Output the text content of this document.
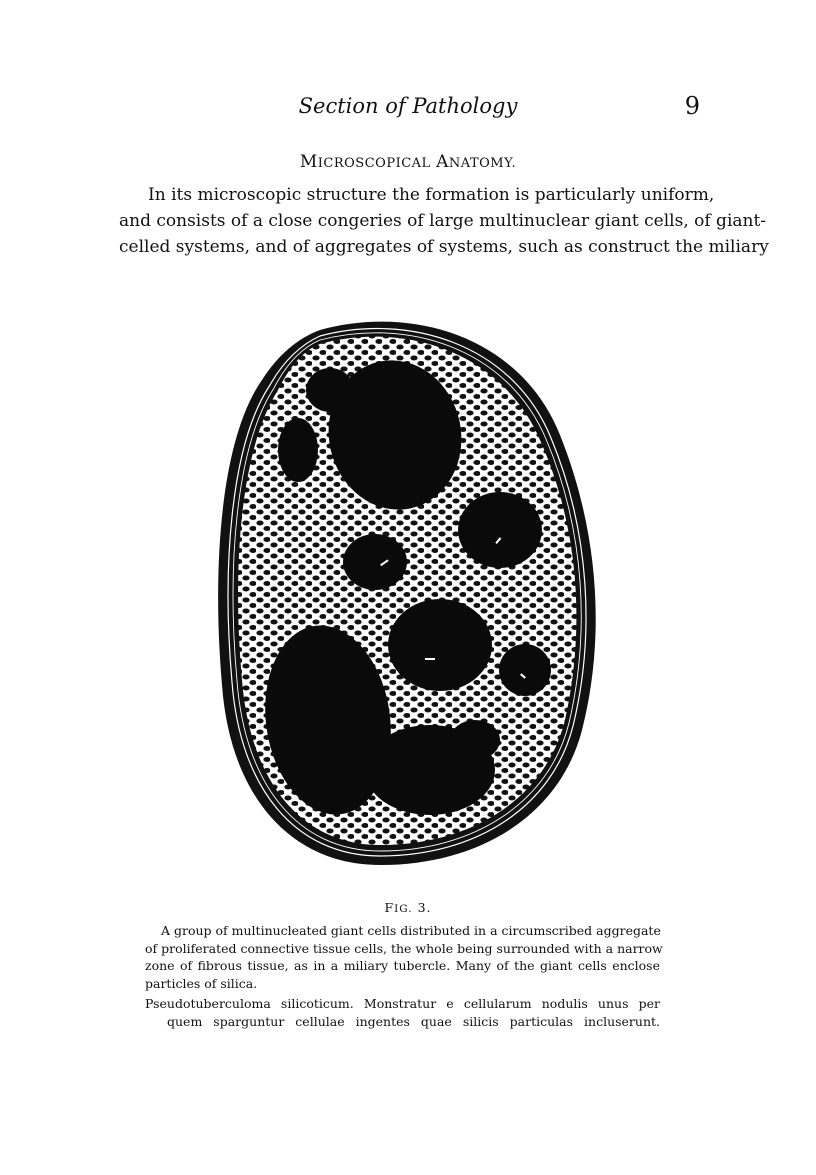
Section of Pathology	9
MICROSCOPICAL ANATOMY.

In its microscopic structure the formation is particularly uniform,
and consists of a close congeries of large multinuclear giant cells, of giant-
celled systems, and of aggregates of systems, such as construct the miliary

FIG. 3.

A group of multinucleated giant cells distributed in a circumscribed aggregate
of proliferated connective tissue cells, the whole being surrounded with a narrow
zone of fibrous tissue, as in a miliary tubercle. Many of the giant cells enclose
particles of silica.

Pseudotuberculoma silicoticum. Monstratur e cellularum nodulis unus per
quem sparguntur cellulae ingentes quae silicis particulas incluserunt.
